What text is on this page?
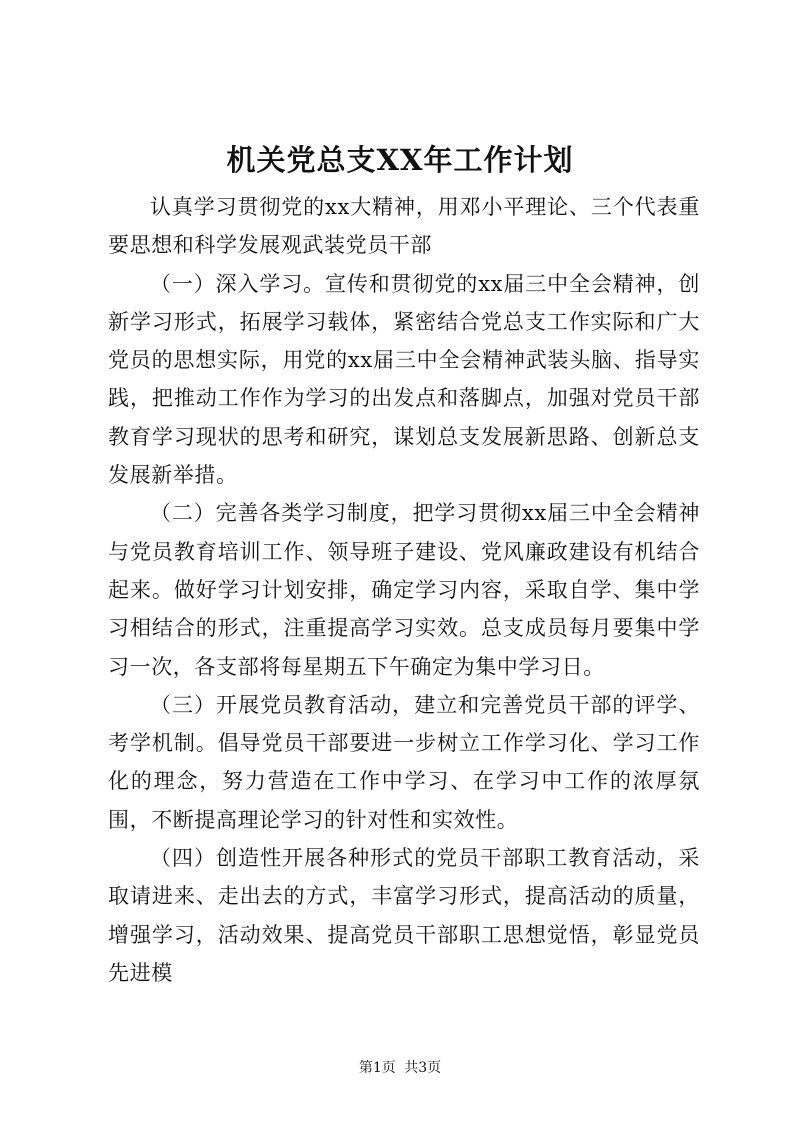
机关党总支XX年工作计划

认真学习贯彻党的xx大精神，用邓小平理论、三个代表重要思想和科学发展观武装党员干部

（一）深入学习。宣传和贯彻党的xx届三中全会精神，创新学习形式，拓展学习载体，紧密结合党总支工作实际和广大党员的思想实际，用党的xx届三中全会精神武装头脑、指导实践，把推动工作作为学习的出发点和落脚点，加强对党员干部教育学习现状的思考和研究，谋划总支发展新思路、创新总支发展新举措。

（二）完善各类学习制度，把学习贯彻xx届三中全会精神与党员教育培训工作、领导班子建设、党风廉政建设有机结合起来。做好学习计划安排，确定学习内容，采取自学、集中学习相结合的形式，注重提高学习实效。总支成员每月要集中学习一次，各支部将每星期五下午确定为集中学习日。

（三）开展党员教育活动，建立和完善党员干部的评学、考学机制。倡导党员干部要进一步树立工作学习化、学习工作化的理念，努力营造在工作中学习、在学习中工作的浓厚氛围，不断提高理论学习的针对性和实效性。

（四）创造性开展各种形式的党员干部职工教育活动，采取请进来、走出去的方式，丰富学习形式，提高活动的质量，增强学习，活动效果、提高党员干部职工思想觉悟，彰显党员先进模

第1页 共3页
